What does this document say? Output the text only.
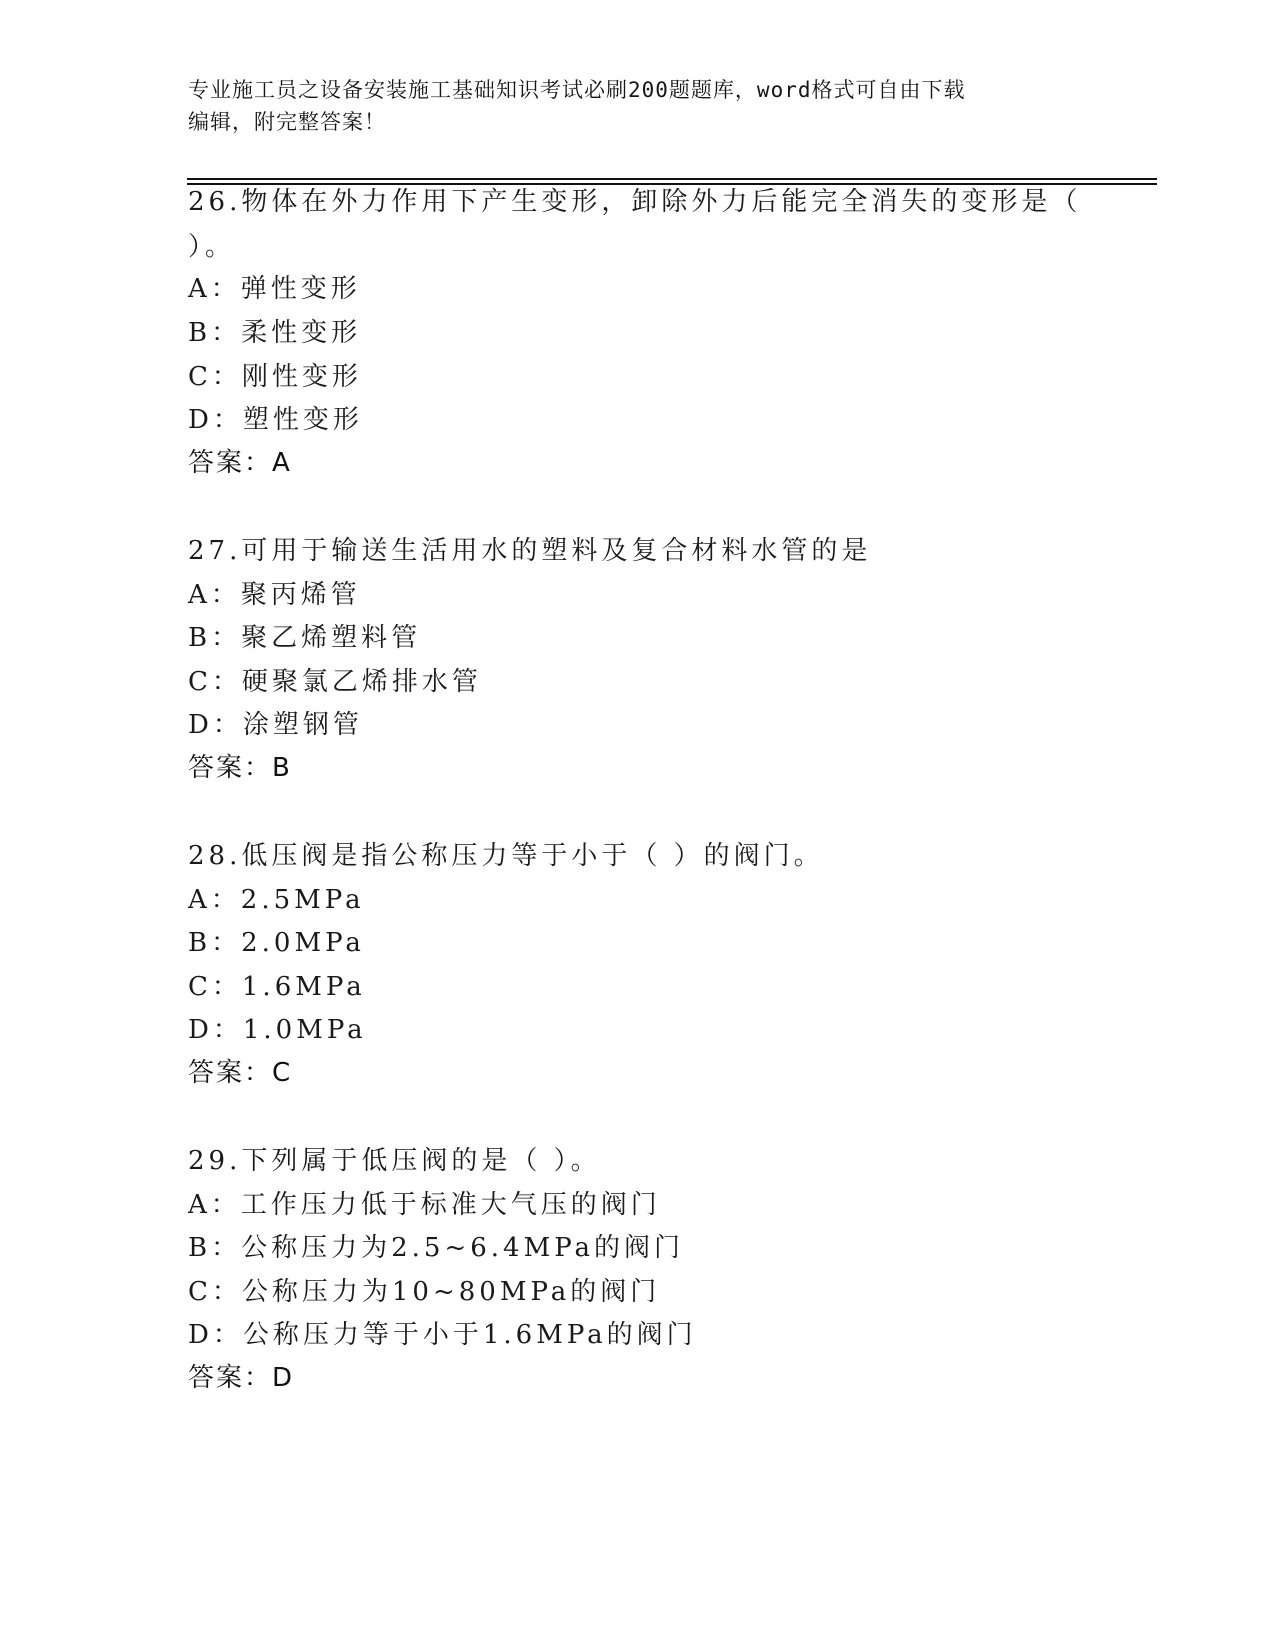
专业施工员之设备安装施工基础知识考试必刷200题题库，word格式可自由下载
编辑，附完整答案！
26.物体在外力作用下产生变形，卸除外力后能完全消失的变形是（
）。
A：弹性变形
B：柔性变形
C：刚性变形
D：塑性变形
答案：A
27.可用于输送生活用水的塑料及复合材料水管的是
A：聚丙烯管
B：聚乙烯塑料管
C：硬聚氯乙烯排水管
D：涂塑钢管
答案：B
28.低压阀是指公称压力等于小于（ ）的阀门。
A：2.5MPa
B：2.0MPa
C：1.6MPa
D：1.0MPa
答案：C
29.下列属于低压阀的是（ ）。
A：工作压力低于标准大气压的阀门
B：公称压力为2.5~6.4MPa的阀门
C：公称压力为10~80MPa的阀门
D：公称压力等于小于1.6MPa的阀门
答案：D
